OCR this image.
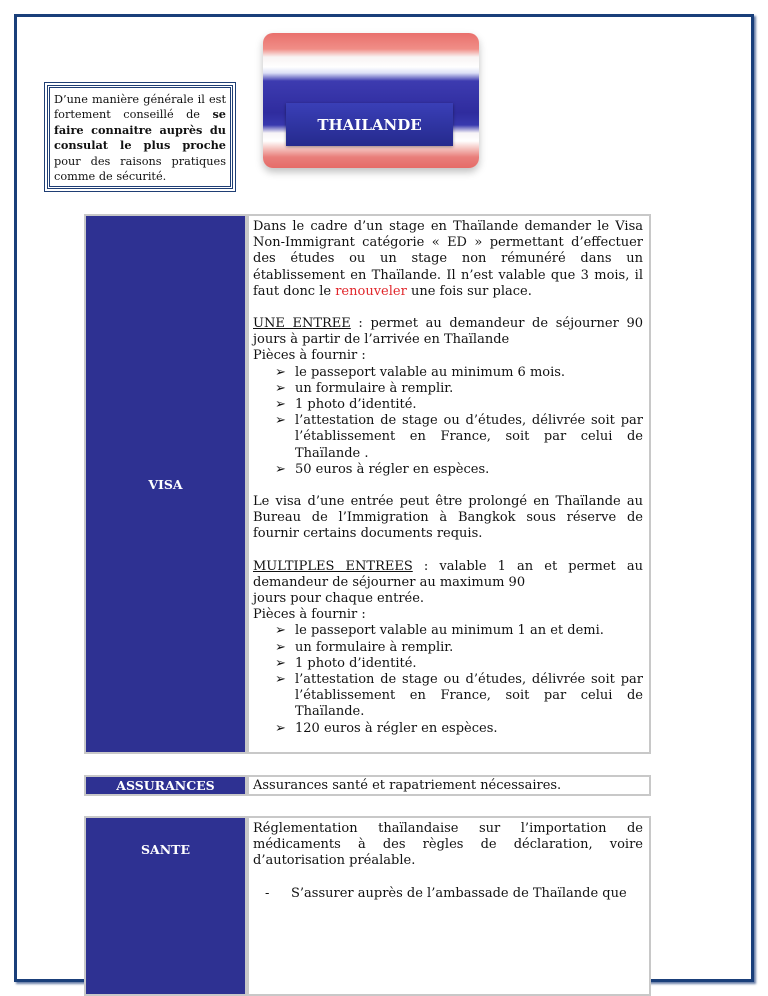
D’une manière générale il est fortement conseillé de se faire connaitre auprès du consulat le plus proche pour des raisons pratiques comme de sécurité.
THAILANDE
VISA

Dans le cadre d’un stage en Thaïlande demander le Visa Non-Immigrant catégorie « ED » permettant d’effectuer des études ou un stage non rémunéré dans un établissement en Thaïlande. Il n’est valable que 3 mois, il faut donc le renouveler une fois sur place.

UNE ENTREE : permet au demandeur de séjourner 90 jours à partir de l’arrivée en Thaïlande

Pièces à fournir :

➢ le passeport valable au minimum 6 mois.
➢ un formulaire à remplir.
➢ 1 photo d’identité.
➢ l’attestation de stage ou d’études, délivrée soit par l’établissement en France, soit par celui de Thaïlande .
➢ 50 euros à régler en espèces.

Le visa d’une entrée peut être prolongé en Thaïlande au Bureau de l’Immigration à Bangkok sous réserve de fournir certains documents requis.

MULTIPLES ENTREES : valable 1 an et permet au demandeur de séjourner au maximum 90
jours pour chaque entrée.

Pièces à fournir :

➢ le passeport valable au minimum 1 an et demi.
➢ un formulaire à remplir.
➢ 1 photo d’identité.
➢ l’attestation de stage ou d’études, délivrée soit par l’établissement en France, soit par celui de Thaïlande.
➢ 120 euros à régler en espèces.
ASSURANCES	Assurances santé et rapatriement nécessaires.
SANTE

Réglementation thaïlandaise sur l’importation de médicaments à des règles de déclaration, voire d’autorisation préalable.

- S’assurer auprès de l’ambassade de Thaïlande que
